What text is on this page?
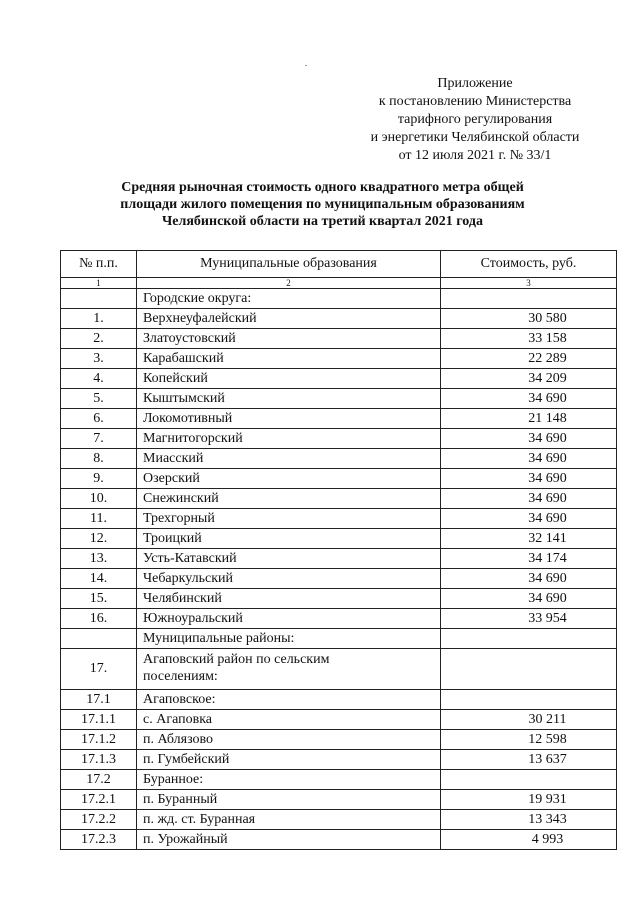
Приложение
к постановлению Министерства
тарифного регулирования
и энергетики Челябинской области
от 12 июля 2021 г. № 33/1
Средняя рыночная стоимость одного квадратного метра общей
площади жилого помещения по муниципальным образованиям
Челябинской области на третий квартал 2021 года
№ п.п.	Муниципальные образования	Стоимость, руб.
1	2	3
	Городские округа:	
1.	Верхнеуфалейский	30 580
2.	Златоустовский	33 158
3.	Карабашский	22 289
4.	Копейский	34 209
5.	Кыштымский	34 690
6.	Локомотивный	21 148
7.	Магнитогорский	34 690
8.	Миасский	34 690
9.	Озерский	34 690
10.	Снежинский	34 690
11.	Трехгорный	34 690
12.	Троицкий	32 141
13.	Усть-Катавский	34 174
14.	Чебаркульский	34 690
15.	Челябинский	34 690
16.	Южноуральский	33 954
	Муниципальные районы:	
17.	Агаповский район по сельским
поселениям:	
17.1	Агаповское:	
17.1.1	с. Агаповка	30 211
17.1.2	п. Аблязово	12 598
17.1.3	п. Гумбейский	13 637
17.2	Буранное:	
17.2.1	п. Буранный	19 931
17.2.2	п. жд. ст. Буранная	13 343
17.2.3	п. Урожайный	4 993
